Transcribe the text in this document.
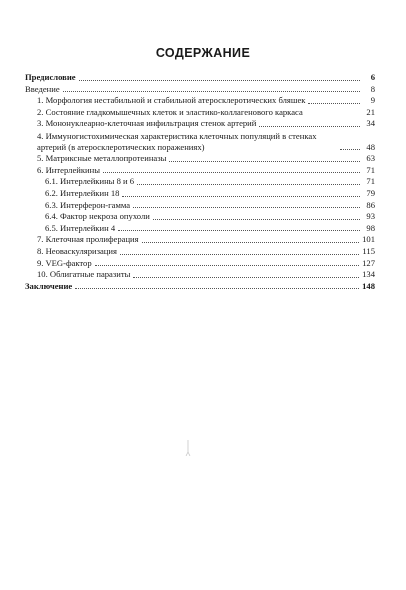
СОДЕРЖАНИЕ
Предисловие	6
Введение	8
1. Морфология нестабильной и стабильной атеросклеротических бляшек	9
2. Состояние гладкомышечных клеток и эластико-коллагенового каркаса	21
3. Мононуклеарно-клеточная инфильтрация стенок артерий	34
4. Иммуногистохимическая характеристика клеточных популяций в стенках артерий (в атеросклеротических поражениях)	48
5. Матриксные металлопротеиназы	63
6. Интерлейкины	71
6.1. Интерлейкины 8 и 6	71
6.2. Интерлейкин 18	79
6.3. Интерферон-гамма	86
6.4. Фактор некроза опухоли	93
6.5. Интерлейкин 4	98
7. Клеточная пролиферация	101
8. Неоваскуляризация	115
9. VEG-фактор	127
10. Облигатные паразиты	134
Заключение	148
